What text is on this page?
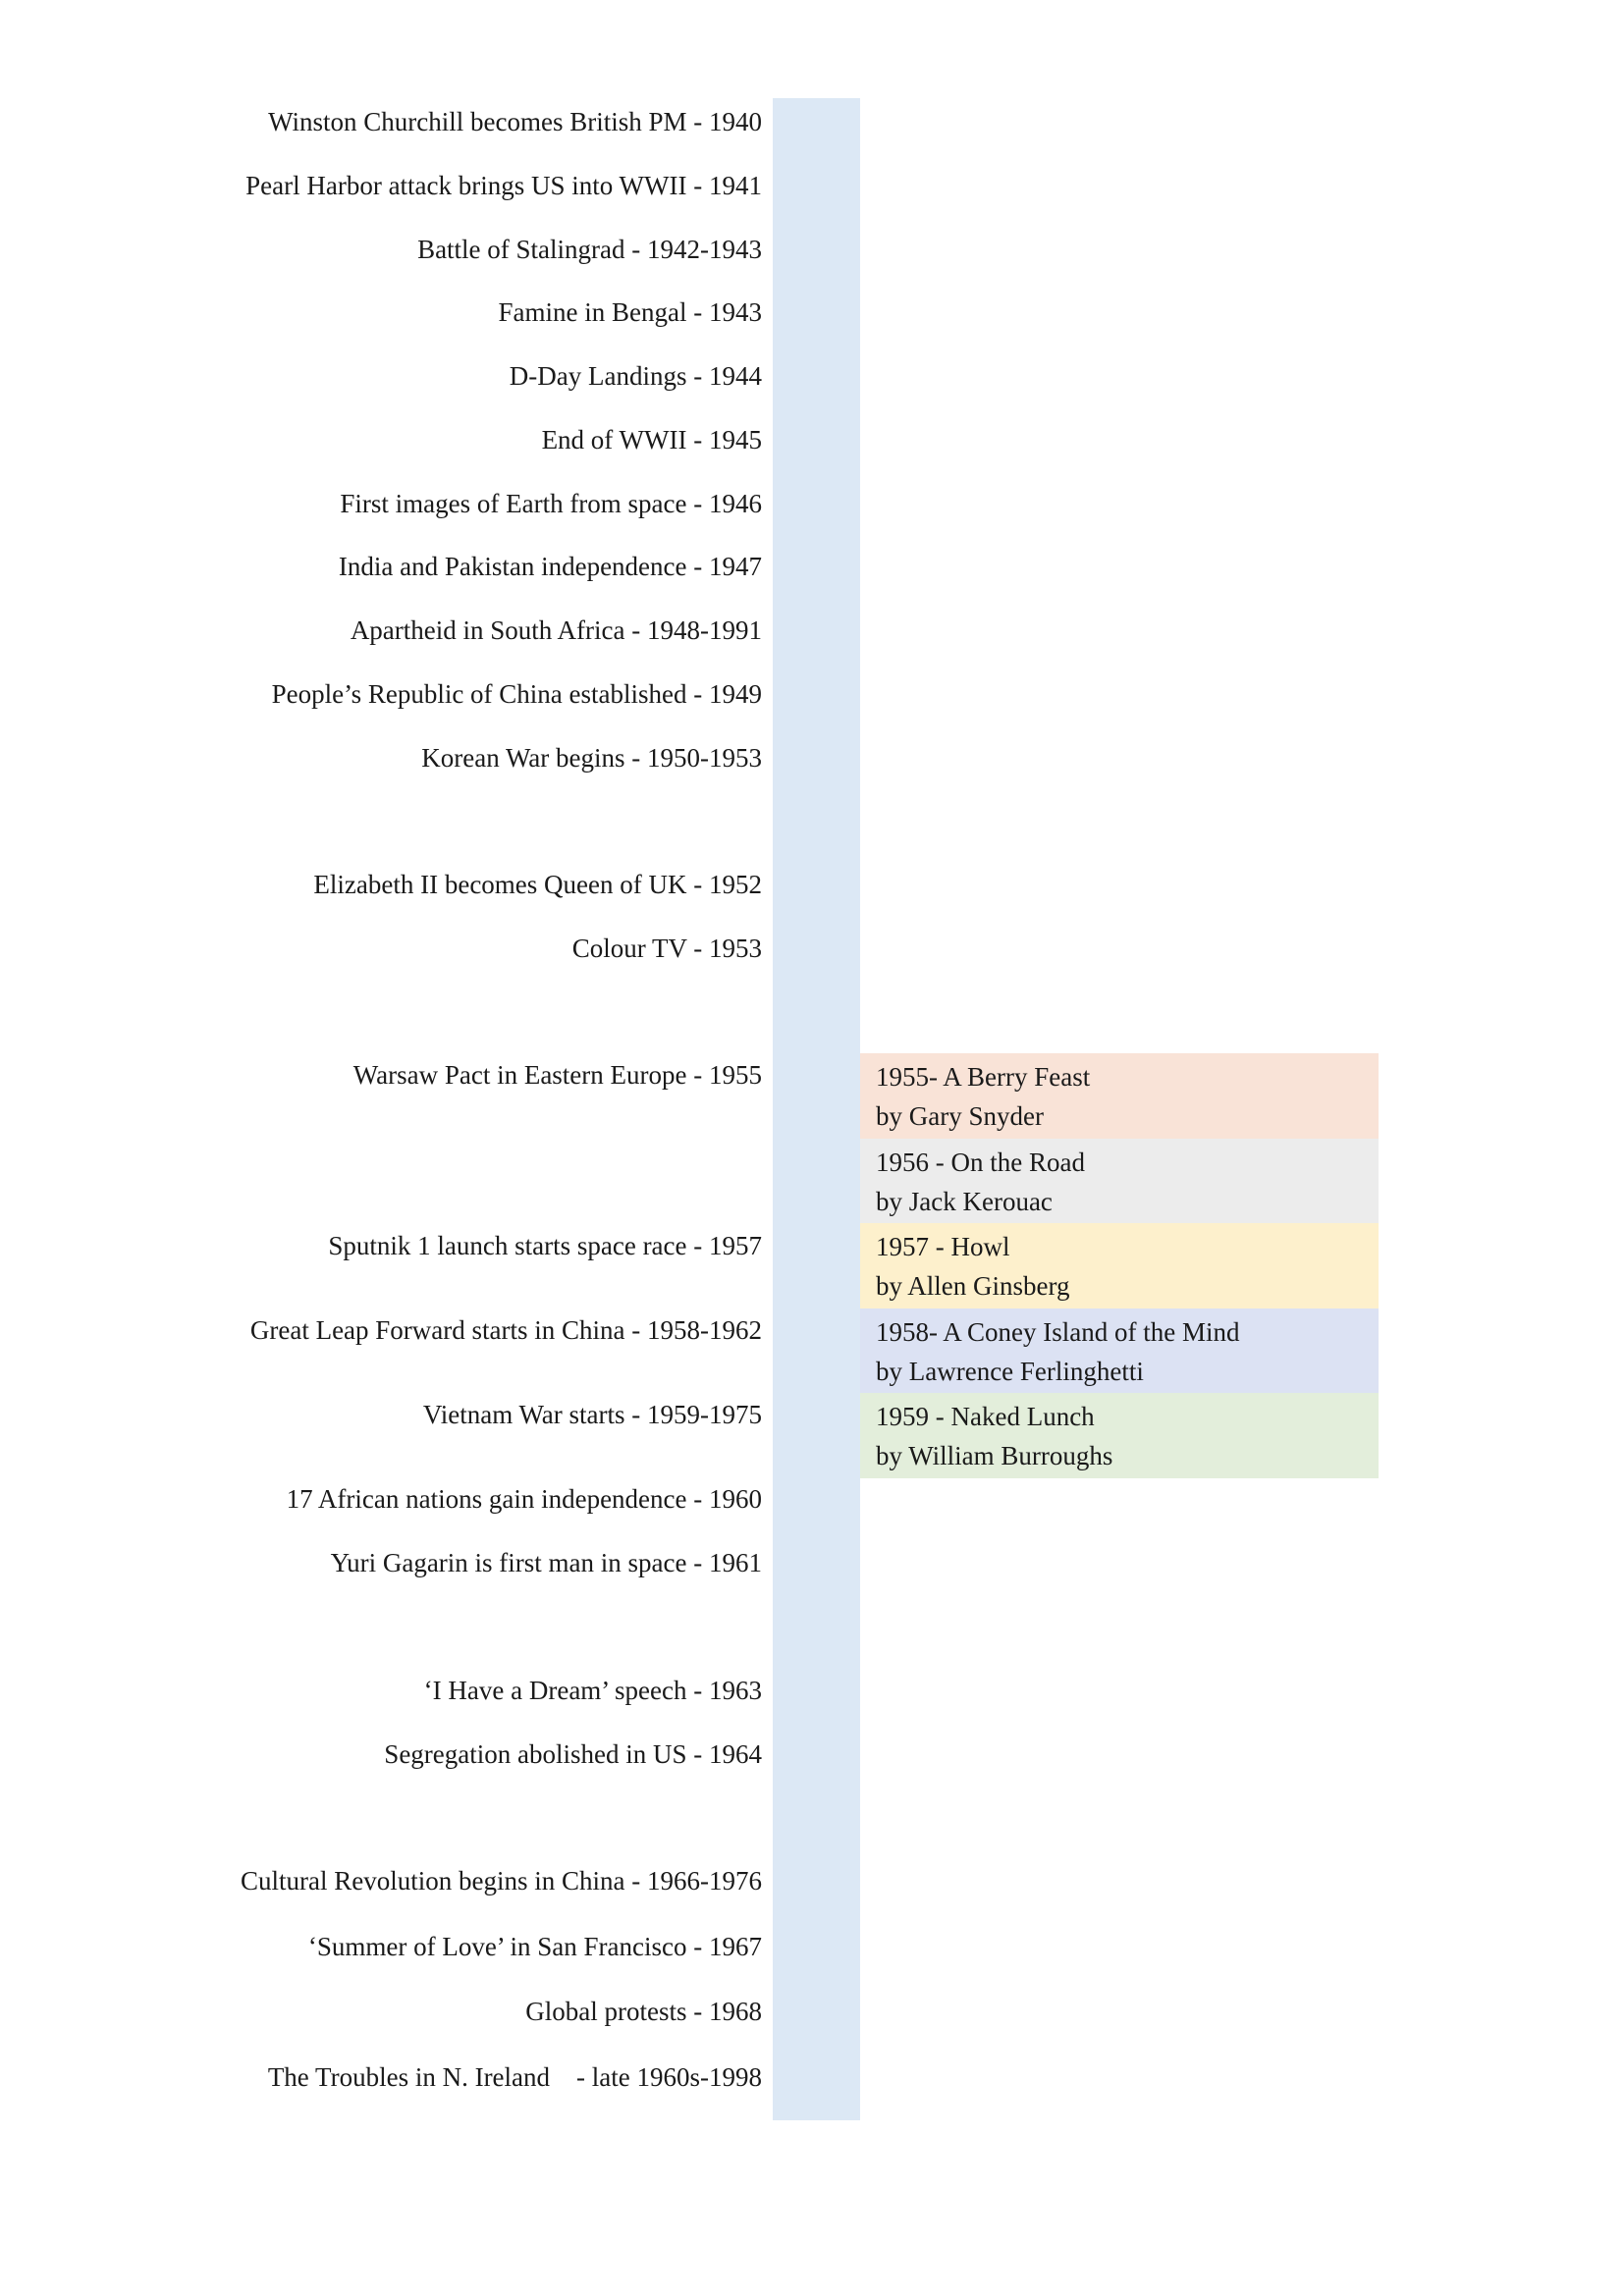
Winston Churchill becomes British PM - 1940
Pearl Harbor attack brings US into WWII - 1941
Battle of Stalingrad - 1942-1943
Famine in Bengal - 1943
D-Day Landings - 1944
End of WWII - 1945
First images of Earth from space - 1946
India and Pakistan independence - 1947
Apartheid in South Africa - 1948-1991
People’s Republic of China established - 1949
Korean War begins - 1950-1953
Elizabeth II becomes Queen of UK - 1952
Colour TV - 1953
Warsaw Pact in Eastern Europe - 1955
Sputnik 1 launch starts space race - 1957
Great Leap Forward starts in China - 1958-1962
Vietnam War starts - 1959-1975
17 African nations gain independence - 1960
Yuri Gagarin is first man in space - 1961
‘I Have a Dream’ speech - 1963
Segregation abolished in US - 1964
Cultural Revolution begins in China - 1966-1976
‘Summer of Love’ in San Francisco - 1967
Global protests - 1968
The Troubles in N. Ireland    - late 1960s-1998
1955- A Berry Feast
by Gary Snyder
1956 - On the Road
by Jack Kerouac
1957 - Howl
by Allen Ginsberg
1958- A Coney Island of the Mind
by Lawrence Ferlinghetti
1959 - Naked Lunch
by William Burroughs
